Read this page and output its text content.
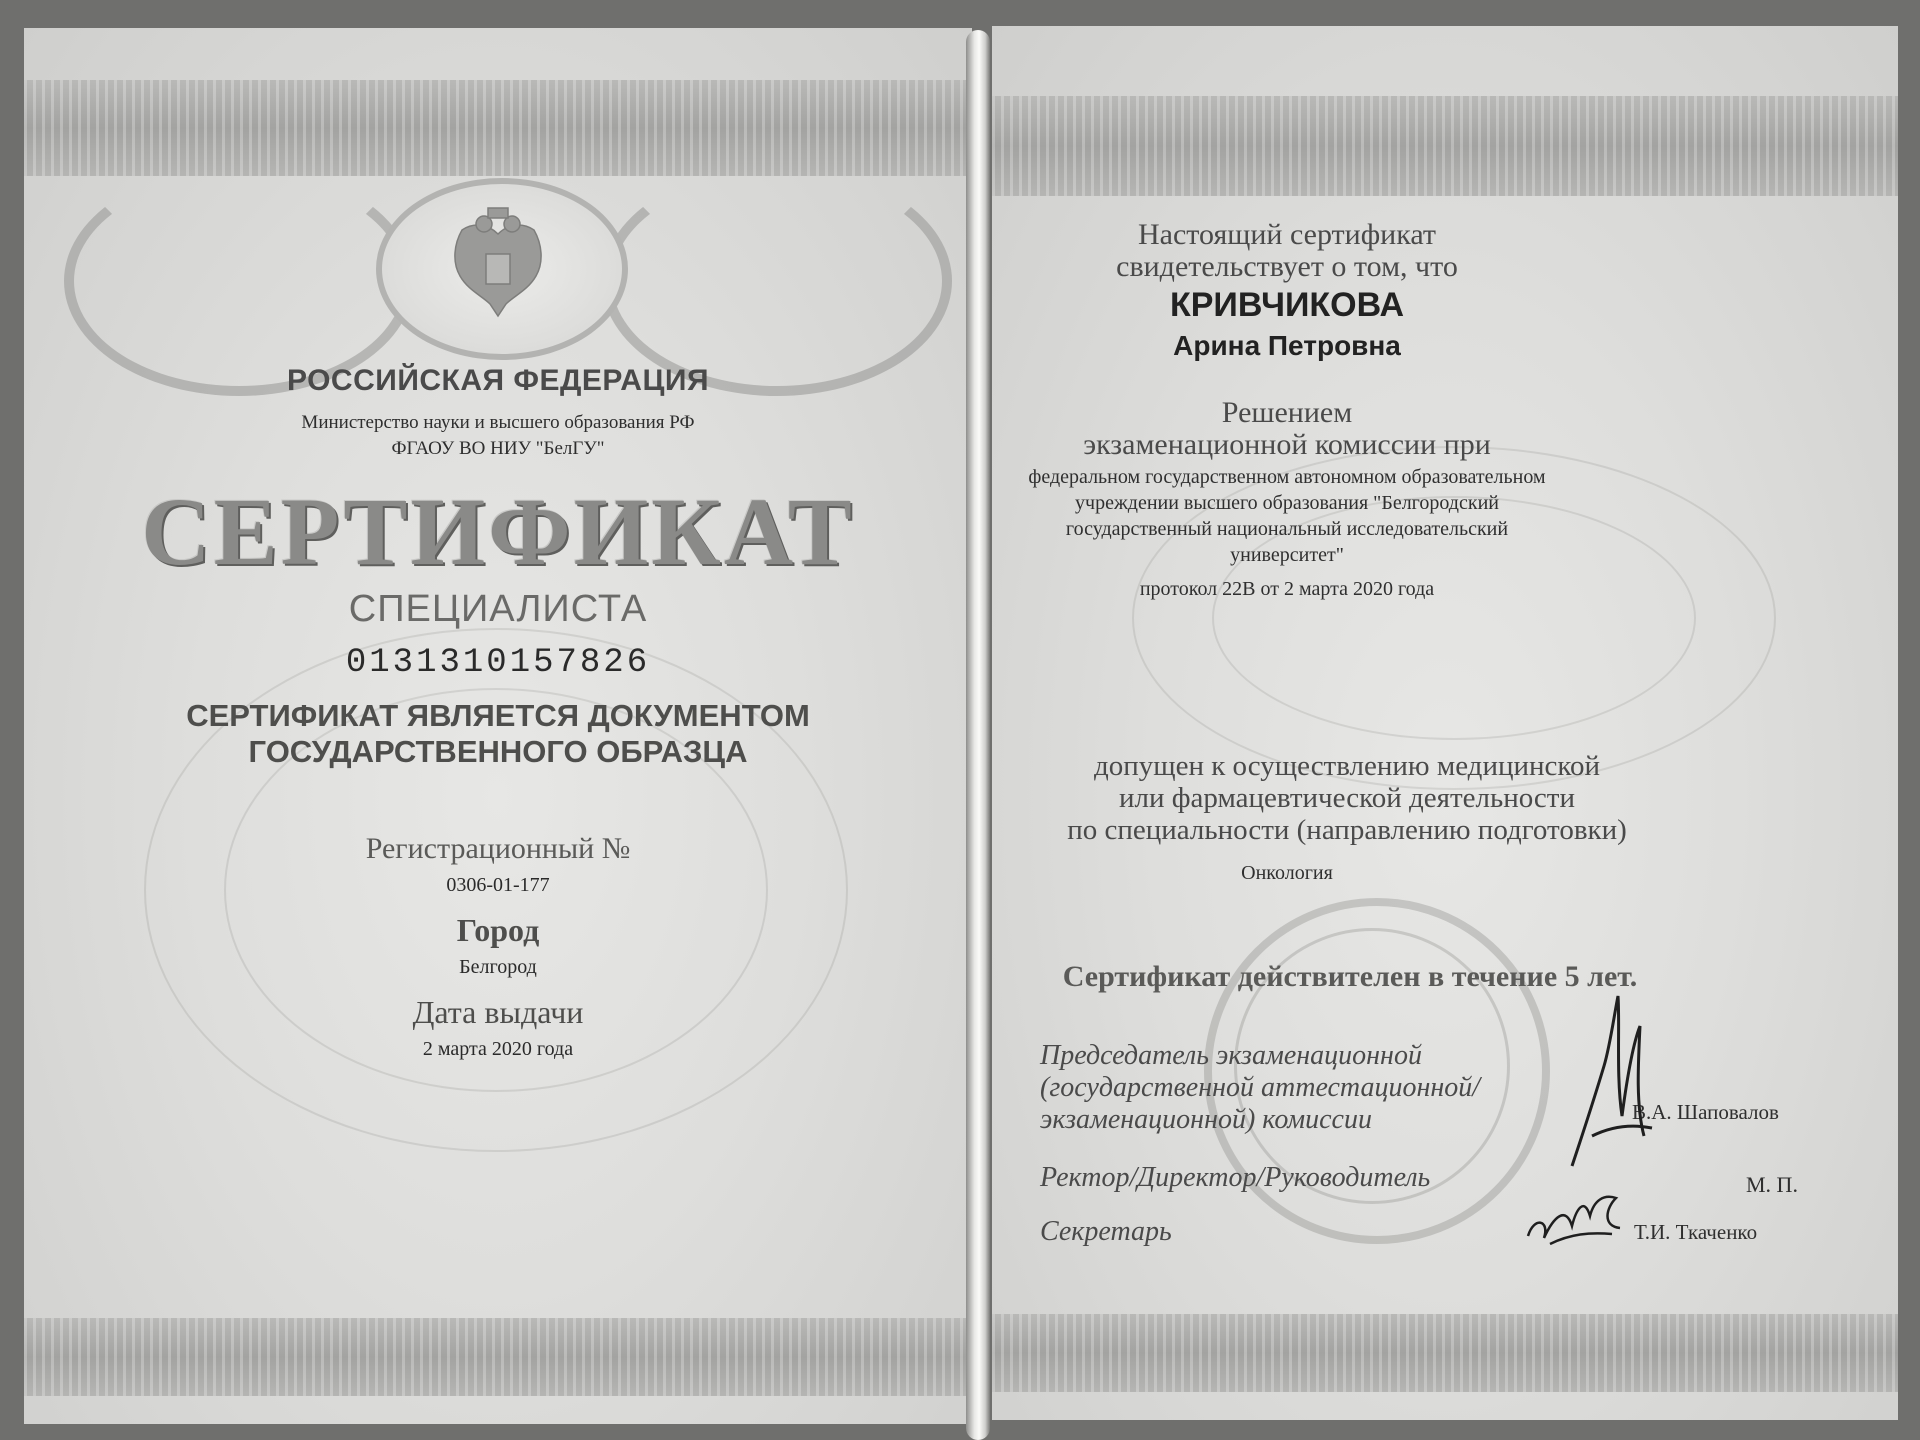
РОССИЙСКАЯ ФЕДЕРАЦИЯ
Министерство науки и высшего образования РФ
ФГАОУ ВО НИУ "БелГУ"
СЕРТИФИКАТ
СПЕЦИАЛИСТА
0131310157826
СЕРТИФИКАТ ЯВЛЯЕТСЯ ДОКУМЕНТОМ
ГОСУДАРСТВЕННОГО ОБРАЗЦА
Регистрационный №
0306-01-177
Город
Белгород
Дата выдачи
2 марта 2020 года
Настоящий сертификат
свидетельствует о том, что
КРИВЧИКОВА
Арина Петровна
Решением
экзаменационной комиссии при
федеральном государственном автономном образовательном
учреждении высшего образования "Белгородский
государственный национальный исследовательский
университет"
протокол 22В от 2 марта 2020 года
допущен к осуществлению медицинской
или фармацевтической деятельности
по специальности (направлению подготовки)
Онкология
Сертификат действителен в течение 5 лет.
Председатель экзаменационной
(государственной аттестационной/
экзаменационной) комиссии	В.А. Шаповалов
Ректор/Директор/Руководитель	М. П.
Секретарь	Т.И. Ткаченко
